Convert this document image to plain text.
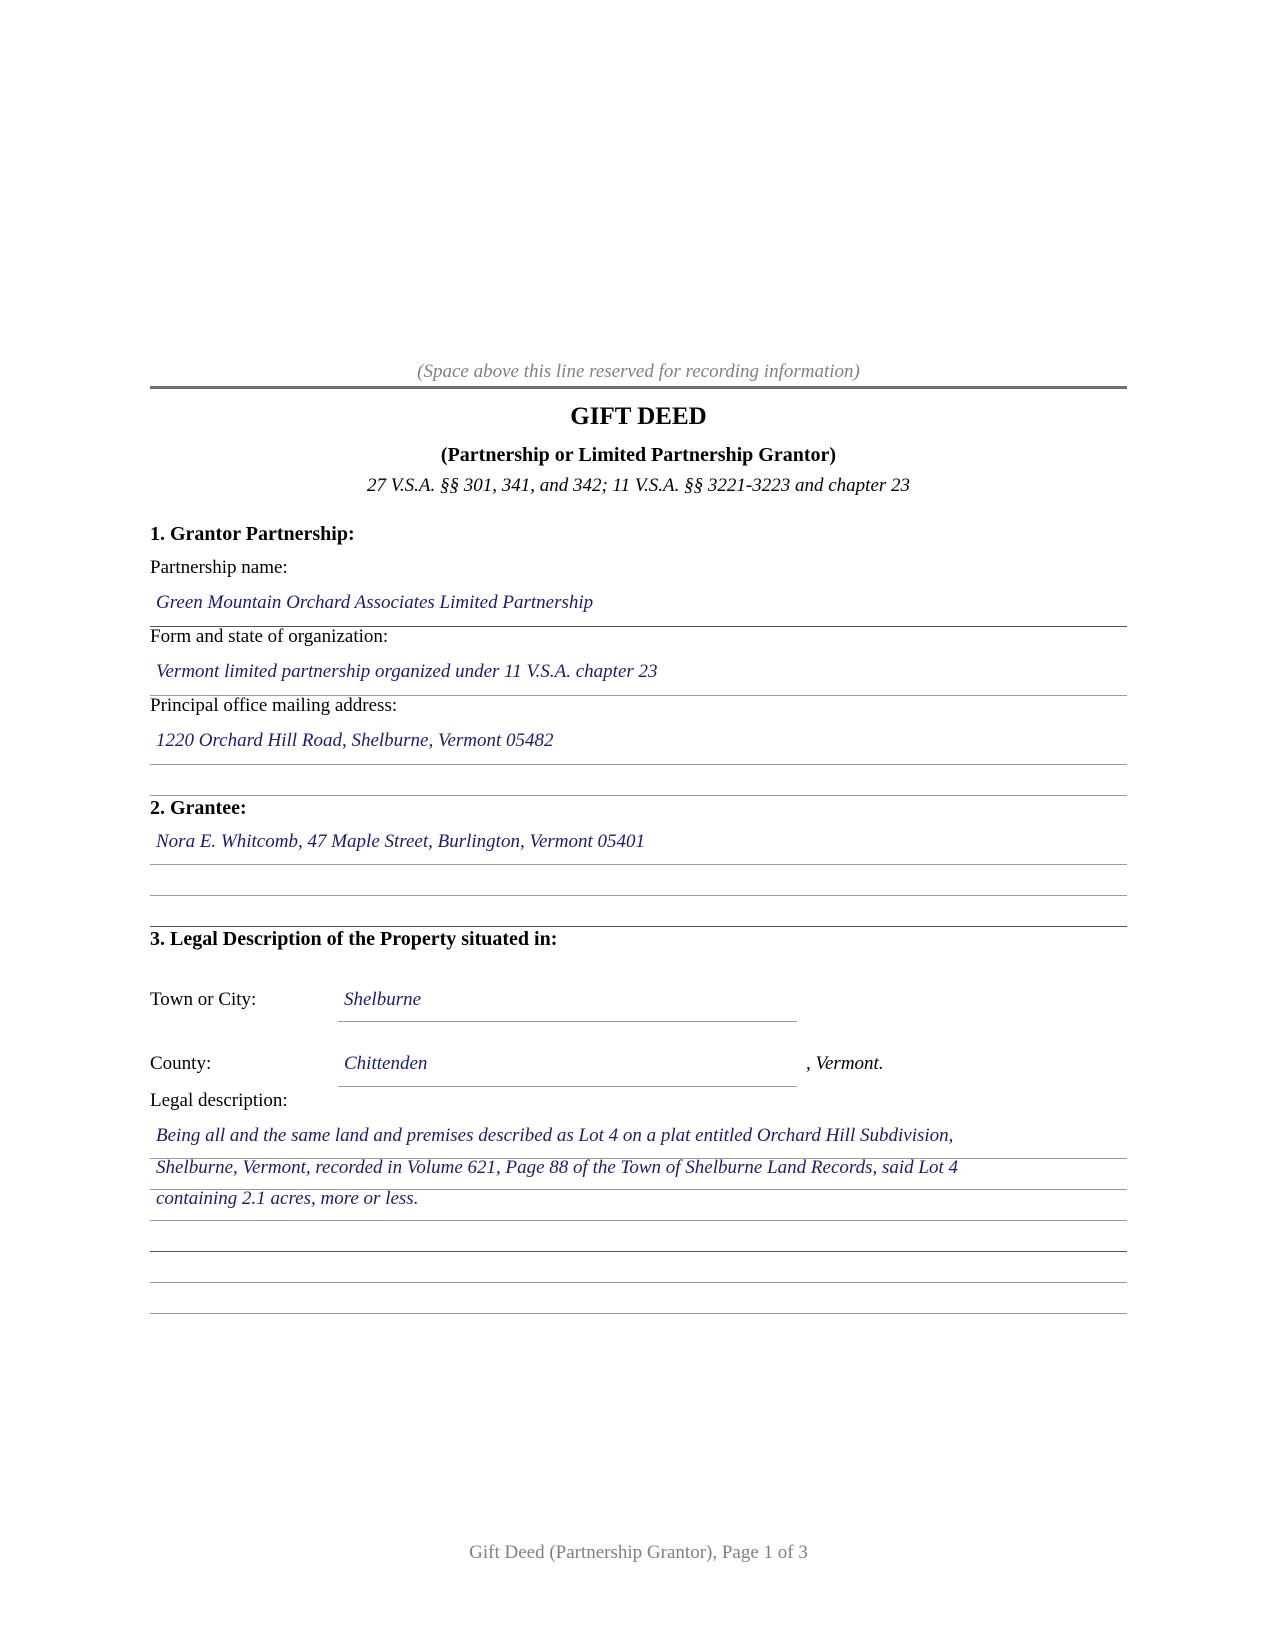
(Space above this line reserved for recording information)
GIFT DEED
(Partnership or Limited Partnership Grantor)
27 V.S.A. §§ 301, 341, and 342; 11 V.S.A. §§ 3221-3223 and chapter 23
1. Grantor Partnership:
Partnership name:
Green Mountain Orchard Associates Limited Partnership
Form and state of organization:
Vermont limited partnership organized under 11 V.S.A. chapter 23
Principal office mailing address:
1220 Orchard Hill Road, Shelburne, Vermont 05482
2. Grantee:
Nora E. Whitcomb, 47 Maple Street, Burlington, Vermont 05401
3. Legal Description of the Property situated in:
Town or City:	Shelburne
County:	Chittenden	, Vermont.
Legal description:
Being all and the same land and premises described as Lot 4 on a plat entitled Orchard Hill Subdivision,
Shelburne, Vermont, recorded in Volume 621, Page 88 of the Town of Shelburne Land Records, said Lot 4
containing 2.1 acres, more or less.
Gift Deed (Partnership Grantor), Page 1 of 3
